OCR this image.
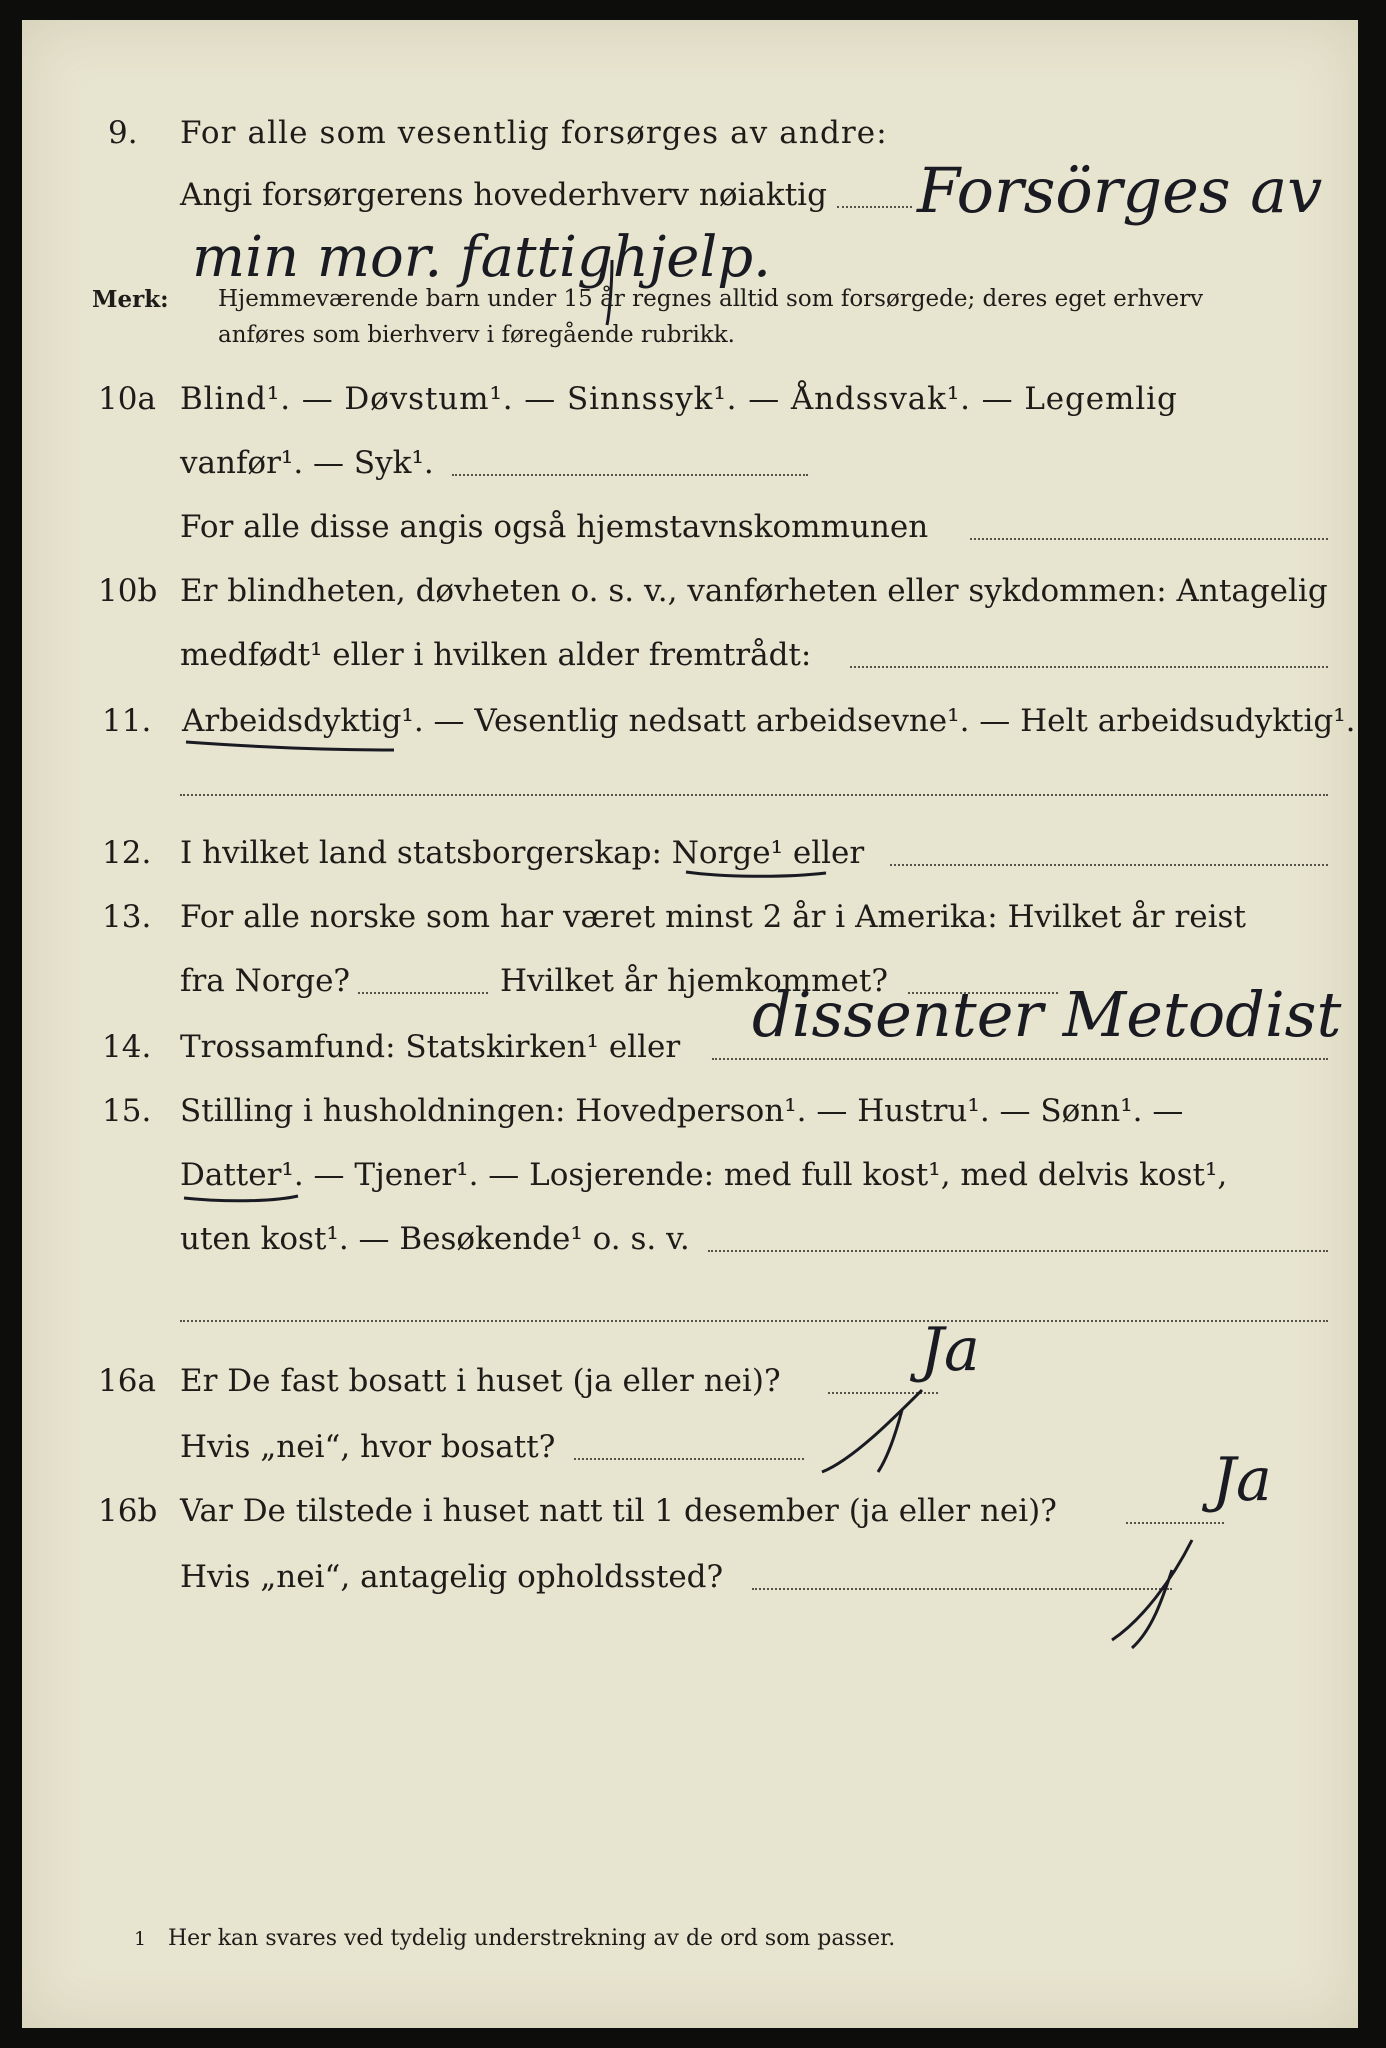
9. For alle som vesentlig forsørges av andre:
Angi forsørgerens hovederhverv nøiaktig Forsörges av
min mor. fattighjelp.
Merk: Hjemmeværende barn under 15 år regnes alltid som forsørgede; deres eget erhverv
anføres som bierhverv i føregående rubrikk.
10a Blind¹. — Døvstum¹. — Sinnssyk¹. — Åndssvak¹. — Legemlig
vanfør¹. — Syk¹.
For alle disse angis også hjemstavnskommunen
10b Er blindheten, døvheten o. s. v., vanførheten eller sykdommen: Antagelig
medfødt¹ eller i hvilken alder fremtrådt:
11. Arbeidsdyktig¹. — Vesentlig nedsatt arbeidsevne¹. — Helt arbeidsudyktig¹.
12. I hvilket land statsborgerskap: Norge¹ eller
13. For alle norske som har været minst 2 år i Amerika: Hvilket år reist
fra Norge?	Hvilket år hjemkommet?
14. Trossamfund: Statskirken¹ eller dissenter Metodist
15. Stilling i husholdningen: Hovedperson¹. — Hustru¹. — Sønn¹. —
Datter¹. — Tjener¹. — Losjerende: med full kost¹, med delvis kost¹,
uten kost¹. — Besøkende¹ o. s. v.
16a Er De fast bosatt i huset (ja eller nei)?
Hvis „nei“, hvor bosatt?
Ja
16b Var De tilstede i huset natt til 1 desember (ja eller nei)?
Hvis „nei“, antagelig opholdssted?
Ja
1 Her kan svares ved tydelig understrekning av de ord som passer.
